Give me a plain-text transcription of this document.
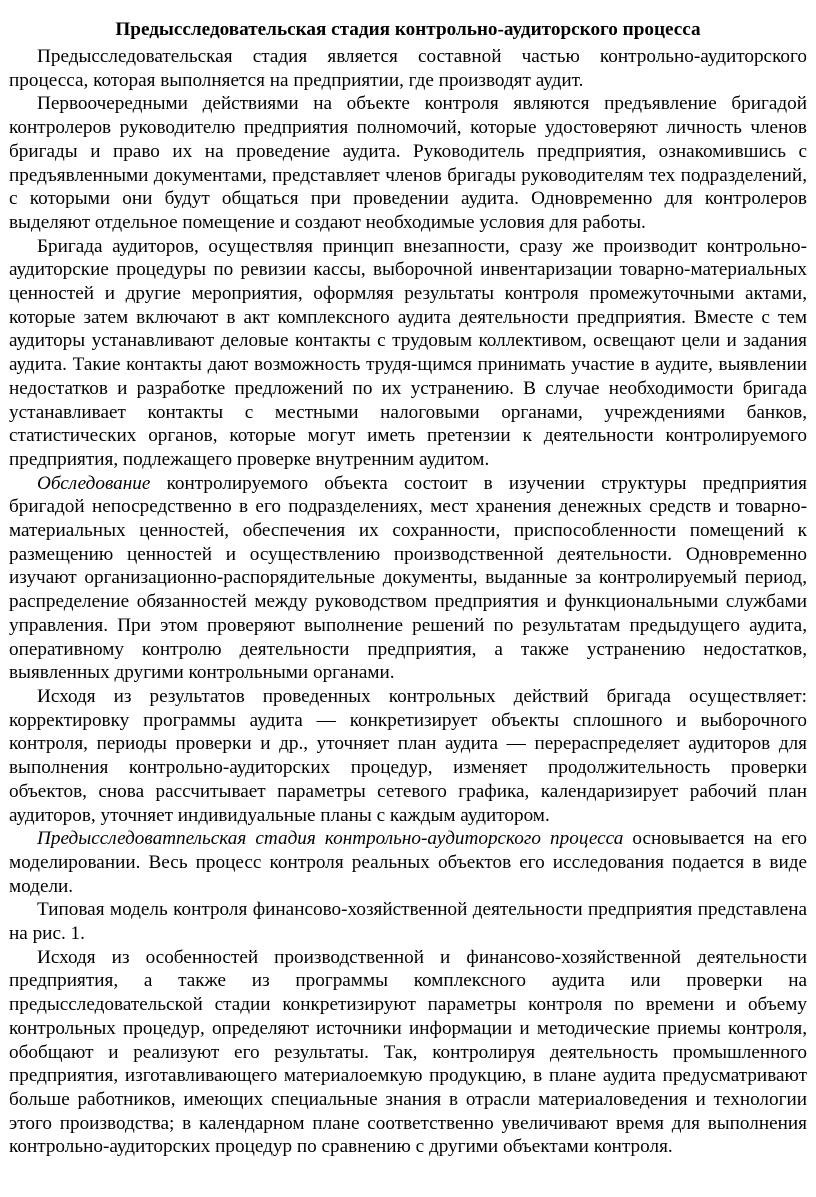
Предысследовательская стадия контрольно-аудиторского процесса

Предысследовательская стадия является составной частью контрольно-аудиторского процесса, которая выполняется на предприятии, где производят аудит.

Первоочередными действиями на объекте контроля являются предъявление бригадой контролеров руководителю предприятия полномочий, которые удостоверяют личность членов бригады и право их на проведение аудита. Руководитель предприятия, ознакомившись с предъявленными документами, представляет членов бригады руководителям тех подразделений, с которыми они будут общаться при проведении аудита. Одновременно для контролеров выделяют отдельное помещение и создают необходимые условия для работы.

Бригада аудиторов, осуществляя принцип внезапности, сразу же производит контрольно-аудиторские процедуры по ревизии кассы, выборочной инвентаризации товарно-материальных ценностей и другие мероприятия, оформляя результаты контроля промежуточными актами, которые затем включают в акт комплексного аудита деятельности предприятия. Вместе с тем аудиторы устанавливают деловые контакты с трудовым коллективом, освещают цели и задания аудита. Такие контакты дают возможность трудя-щимся принимать участие в аудите, выявлении недостатков и разработке предложений по их устранению. В случае необходимости бригада устанавливает контакты с местными налоговыми органами, учреждениями банков, статистических органов, которые могут иметь претензии к деятельности контролируемого предприятия, подлежащего проверке внутренним аудитом.

Обследование контролируемого объекта состоит в изучении структуры предприятия бригадой непосредственно в его подразделениях, мест хранения денежных средств и товарно-материальных ценностей, обеспечения их сохранности, приспособленности помещений к размещению ценностей и осуществлению производственной деятельности. Одновременно изучают организационно-распорядительные документы, выданные за контролируемый период, распределение обязанностей между руководством предприятия и функциональными службами управления. При этом проверяют выполнение решений по результатам предыдущего аудита, оперативному контролю деятельности предприятия, а также устранению недостатков, выявленных другими контрольными органами.

Исходя из результатов проведенных контрольных действий бригада осуществляет: корректировку программы аудита — конкретизирует объекты сплошного и выборочного контроля, периоды проверки и др., уточняет план аудита — перераспределяет аудиторов для выполнения контрольно-аудиторских процедур, изменяет продолжительность проверки объектов, снова рассчитывает параметры сетевого графика, календаризирует рабочий план аудиторов, уточняет индивидуальные планы с каждым аудитором.

Предысследоватпельская стадия контрольно-аудиторского процесса основывается на его моделировании. Весь процесс контроля реальных объектов его исследования подается в виде модели.

Типовая модель контроля финансово-хозяйственной деятельности предприятия представлена на рис. 1.

Исходя из особенностей производственной и финансово-хозяйственной деятельности предприятия, а также из программы комплексного аудита или проверки на предысследовательской стадии конкретизируют параметры контроля по времени и объему контрольных процедур, определяют источники информации и методические приемы контроля, обобщают и реализуют его результаты. Так, контролируя деятельность промышленного предприятия, изготавливающего материалоемкую продукцию, в плане аудита предусматривают больше работников, имеющих специальные знания в отрасли материаловедения и технологии этого производства; в календарном плане соответственно увеличивают время для выполнения контрольно-аудиторских процедур по сравнению с другими объектами контроля.
